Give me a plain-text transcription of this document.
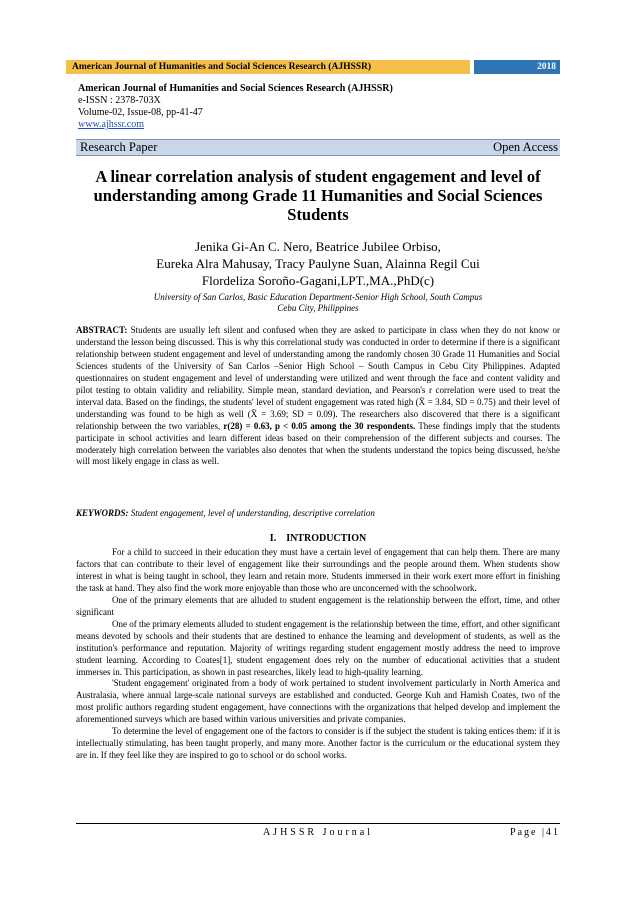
American Journal of Humanities and Social Sciences Research (AJHSSR)	2018
American Journal of Humanities and Social Sciences Research (AJHSSR)
e-ISSN : 2378-703X
Volume-02, Issue-08, pp-41-47
www.ajhssr.com
Research Paper	Open Access
A linear correlation analysis of student engagement and level of understanding among Grade 11 Humanities and Social Sciences Students
Jenika Gi-An C. Nero, Beatrice Jubilee Orbiso,
Eureka Alra Mahusay, Tracy Paulyne Suan, Alainna Regil Cui
Flordeliza Soroño-Gagani,LPT.,MA.,PhD(c)
University of San Carlos, Basic Education Department-Senior High School, South Campus
Cebu City, Philippines
ABSTRACT: Students are usually left silent and confused when they are asked to participate in class when they do not know or understand the lesson being discussed. This is why this correlational study was conducted in order to determine if there is a significant relationship between student engagement and level of understanding among the randomly chosen 30 Grade 11 Humanities and Social Sciences students of the University of San Carlos –Senior High School – South Campus in Cebu City Philippines. Adapted questionnaires on student engagement and level of understanding were utilized and went through the face and content validity and pilot testing to obtain validity and reliability. Simple mean, standard deviation, and Pearson's r correlation were used to treat the interval data. Based on the findings, the students' level of student engagement was rated high (X̄ = 3.84, SD = 0.75) and their level of understanding was found to be high as well (X̄ = 3.69; SD = 0.09). The researchers also discovered that there is a significant relationship between the two variables, r(28) = 0.63, p < 0.05 among the 30 respondents. These findings imply that the students participate in school activities and learn different ideas based on their comprehension of the different subjects and courses. The moderately high correlation between the variables also denotes that when the students understand the topics being discussed, he/she will most likely engage in class as well.
KEYWORDS: Student engagement, level of understanding, descriptive correlation
I.    INTRODUCTION

For a child to succeed in their education they must have a certain level of engagement that can help them. There are many factors that can contribute to their level of engagement like their surroundings and the people around them. When students show interest in what is being taught in school, they learn and retain more. Students immersed in their work exert more effort in finishing the task at hand. They also find the work more enjoyable than those who are unconcerned with the schoolwork.

One of the primary elements that are alluded to student engagement is the relationship between the effort, time, and other significant

One of the primary elements alluded to student engagement is the relationship between the time, effort, and other significant means devoted by schools and their students that are destined to enhance the learning and development of students, as well as the institution's performance and reputation. Majority of writings regarding student engagement mostly address the need to improve student learning. According to Coates[1], student engagement does rely on the number of educational activities that a student immerses in. This participation, as shown in past researches, likely lead to high-quality learning.

'Student engagement' originated from a body of work pertained to student involvement particularly in North America and Australasia, where annual large-scale national surveys are established and conducted. George Kuh and Hamish Coates, two of the most prolific authors regarding student engagement, have connections with the organizations that helped develop and implement the aforementioned surveys which are based within various universities and private companies.

To determine the level of engagement one of the factors to consider is if the subject the student is taking entices them: if it is intellectually stimulating, has been taught properly, and many more. Another factor is the curriculum or the educational system they are in. If they feel like they are inspired to go to school or do school works.

AJHSSR Journal	Page |41
